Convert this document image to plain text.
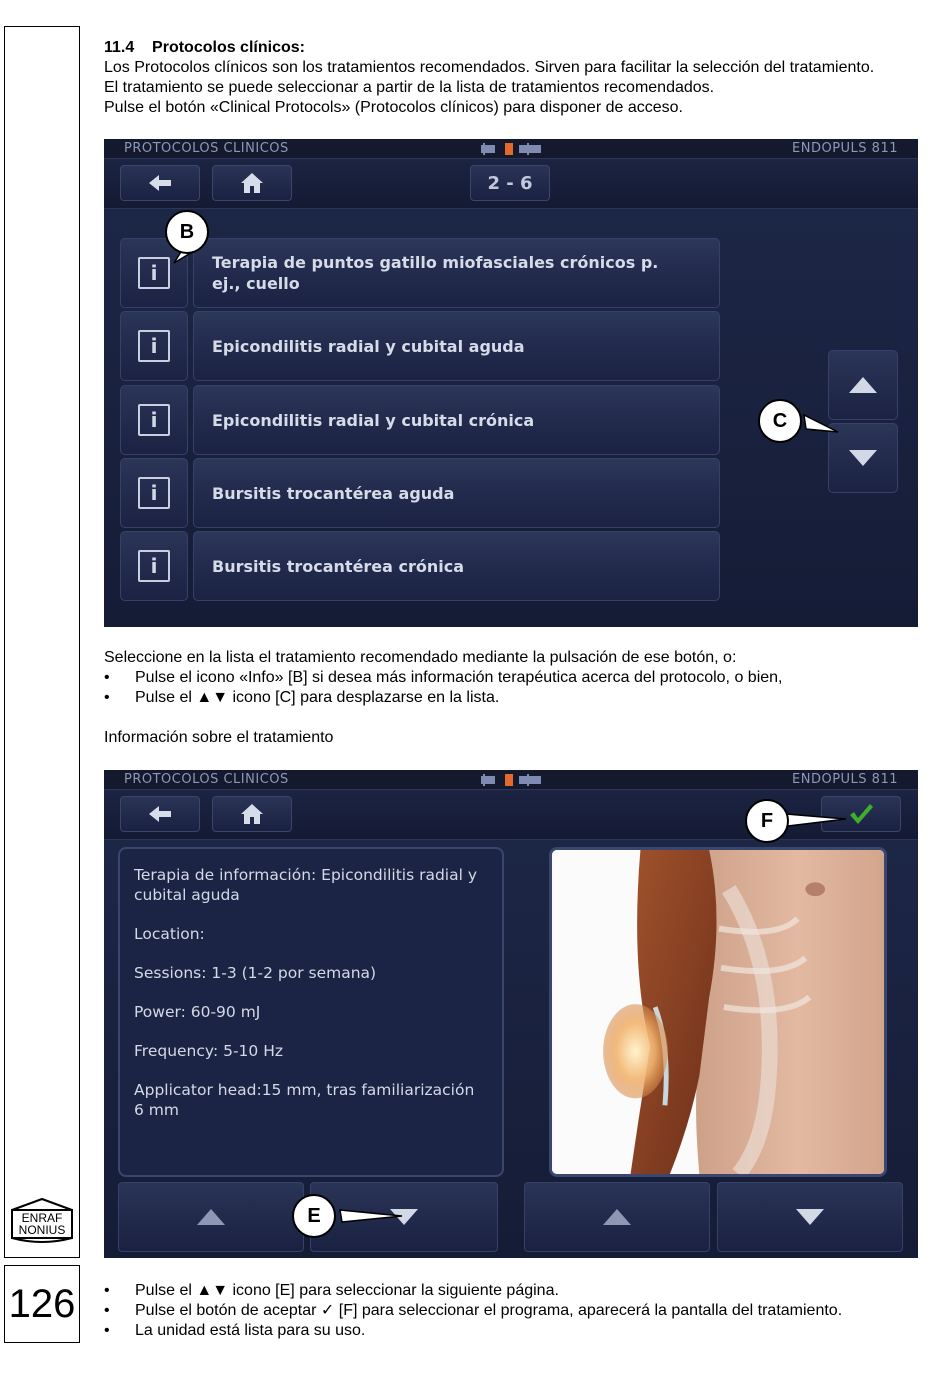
ENRAF
NONIUS
126
11.4 Protocolos clínicos:
Los Protocolos clínicos son los tratamientos recomendados. Sirven para facilitar la selección del tratamiento.
El tratamiento se puede seleccionar a partir de la lista de tratamientos recomendados.
Pulse el botón «Clinical Protocols» (Protocolos clínicos) para disponer de acceso.
PROTOCOLOS CLINICOS	ENDOPULS 811
2 - 6
i	Terapia de puntos gatillo miofasciales crónicos p. ej., cuello
i	Epicondilitis radial y cubital aguda
i	Epicondilitis radial y cubital crónica
i	Bursitis trocantérea aguda
i	Bursitis trocantérea crónica
B
C
Seleccione en la lista el tratamiento recomendado mediante la pulsación de ese botón, o:
• Pulse el icono «Info» [B] si desea más información terapéutica acerca del protocolo, o bien,
• Pulse el ▲▼ icono [C] para desplazarse en la lista.
Información sobre el tratamiento
PROTOCOLOS CLINICOS	ENDOPULS 811
Terapia de información: Epicondilitis radial y cubital aguda
Location:
Sessions: 1-3 (1-2 por semana)
Power: 60-90 mJ
Frequency: 5-10 Hz
Applicator head:15 mm, tras familiarización 6 mm
F
E
• Pulse el ▲▼ icono [E] para seleccionar la siguiente página.
• Pulse el botón de aceptar ✓ [F] para seleccionar el programa, aparecerá la pantalla del tratamiento.
• La unidad está lista para su uso.
